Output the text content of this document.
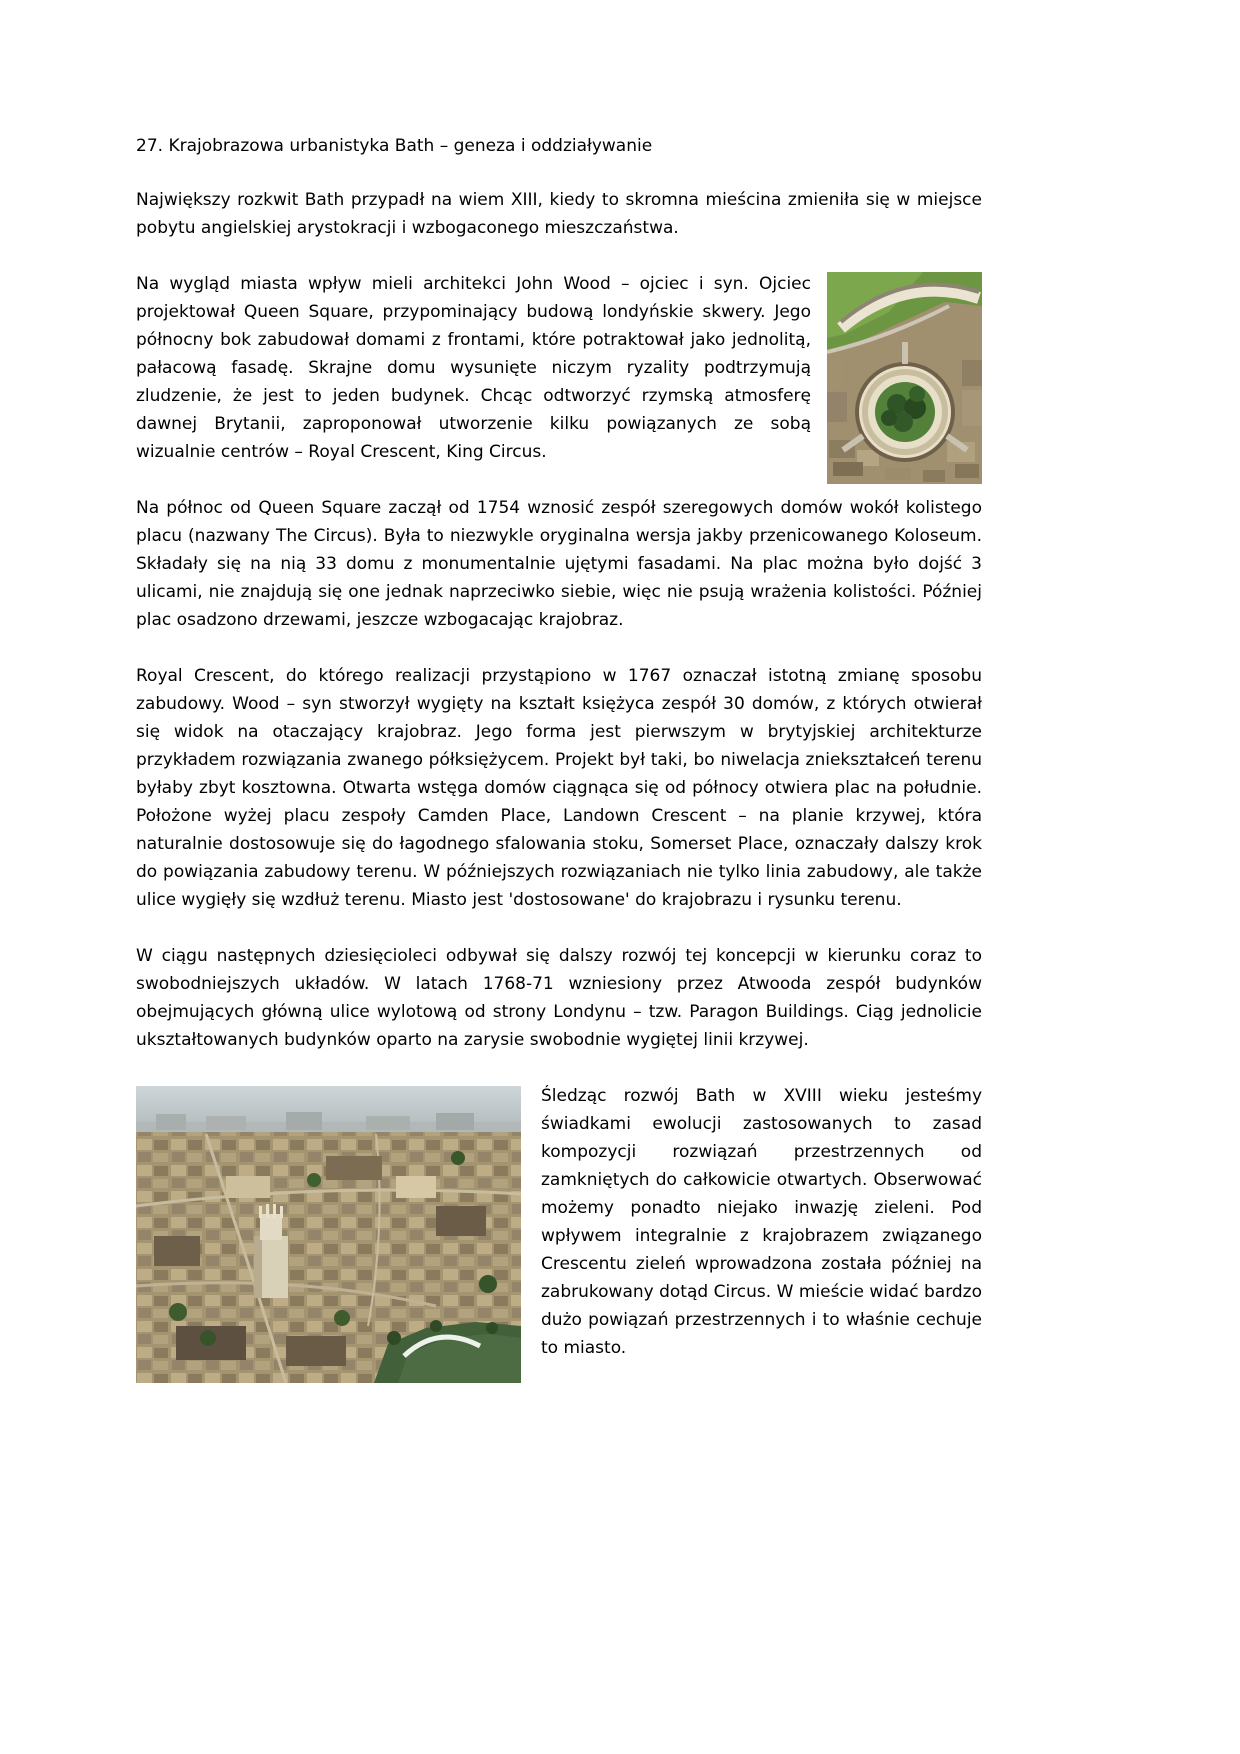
27. Krajobrazowa urbanistyka Bath – geneza i oddziaływanie

Największy rozkwit Bath przypadł na wiem XIII, kiedy to skromna mieścina zmieniła się w miejsce pobytu angielskiej arystokracji i wzbogaconego mieszczaństwa.

Na wygląd miasta wpływ mieli architekci John Wood – ojciec i syn. Ojciec projektował Queen Square, przypominający budową londyńskie skwery. Jego północny bok zabudował domami z frontami, które potraktował jako jednolitą, pałacową fasadę. Skrajne domu wysunięte niczym ryzality podtrzymują zludzenie, że jest to jeden budynek. Chcąc odtworzyć rzymską atmosferę dawnej Brytanii, zaproponował utworzenie kilku powiązanych ze sobą wizualnie centrów – Royal Crescent, King Circus.

Na północ od Queen Square zaczął od 1754 wznosić zespół szeregowych domów wokół kolistego placu (nazwany The Circus). Była to niezwykle oryginalna wersja jakby przenicowanego Koloseum. Składały się na nią 33 domu z monumentalnie ujętymi fasadami. Na plac można było dojść 3 ulicami, nie znajdują się one jednak naprzeciwko siebie, więc nie psują wrażenia kolistości. Później plac osadzono drzewami, jeszcze wzbogacając krajobraz.

Royal Crescent, do którego realizacji przystąpiono w 1767 oznaczał istotną zmianę sposobu zabudowy. Wood – syn stworzył wygięty na kształt księżyca zespół 30 domów, z których otwierał się widok na otaczający krajobraz. Jego forma jest pierwszym w brytyjskiej architekturze przykładem rozwiązania zwanego półksiężycem. Projekt był taki, bo niwelacja zniekształceń terenu byłaby zbyt kosztowna. Otwarta wstęga domów ciągnąca się od północy otwiera plac na południe. Położone wyżej placu zespoły Camden Place, Landown Crescent – na planie krzywej, która naturalnie dostosowuje się do łagodnego sfalowania stoku, Somerset Place, oznaczały dalszy krok do powiązania zabudowy terenu. W późniejszych rozwiązaniach nie tylko linia zabudowy, ale także ulice wygięły się wzdłuż terenu. Miasto jest 'dostosowane' do krajobrazu i rysunku terenu.

W ciągu następnych dziesięcioleci odbywał się dalszy rozwój tej koncepcji w kierunku coraz to swobodniejszych układów. W latach 1768-71 wzniesiony przez Atwooda zespół budynków obejmujących główną ulice wylotową od strony Londynu – tzw. Paragon Buildings. Ciąg jednolicie ukształtowanych budynków oparto na zarysie swobodnie wygiętej linii krzywej.

Śledząc rozwój Bath w XVIII wieku jesteśmy świadkami ewolucji zastosowanych to zasad kompozycji rozwiązań przestrzennych od zamkniętych do całkowicie otwartych. Obserwować możemy ponadto niejako inwazję zieleni. Pod wpływem integralnie z krajobrazem związanego Crescentu zieleń wprowadzona została później na zabrukowany dotąd Circus. W mieście widać bardzo dużo powiązań przestrzennych i to właśnie cechuje to miasto.
